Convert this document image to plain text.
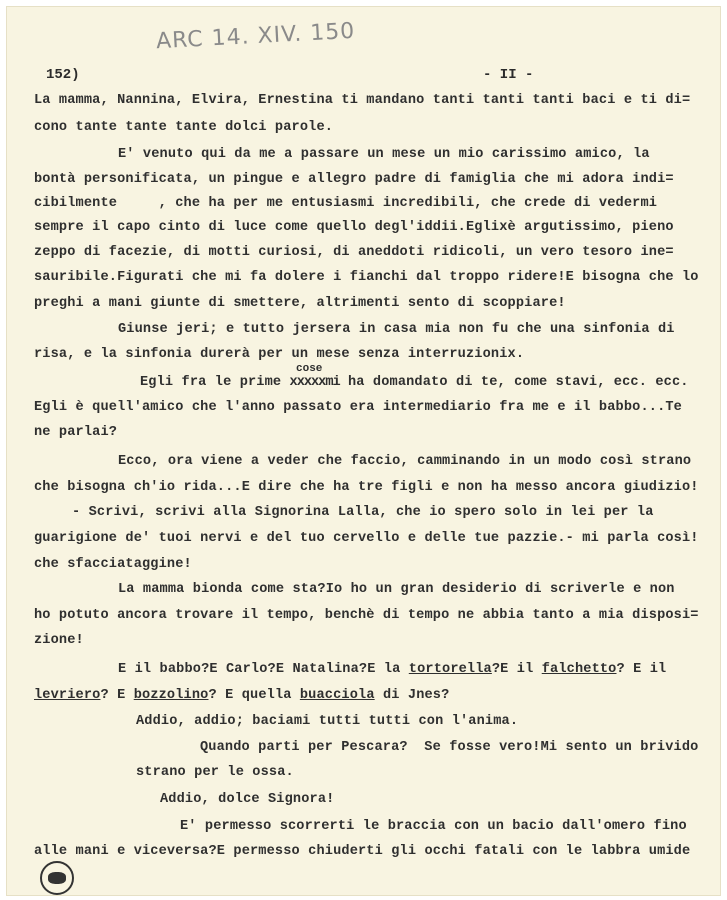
ARC 14. XIV. 150
152)	- II -
La mamma, Nannina, Elvira, Ernestina ti mandano tanti tanti tanti baci e ti di=
cono tante tante tante dolci parole.
E' venuto qui da me a passare un mese un mio carissimo amico, la
bontà personificata, un pingue e allegro padre di famiglia che mi adora indi=
cibilmente     , che ha per me entusiasmi incredibili, che crede di vedermi
sempre il capo cinto di luce come quello degl'iddii.Eglixè argutissimo, pieno
zeppo di facezie, di motti curiosi, di aneddoti ridicoli, un vero tesoro ine=
sauribile.Figurati che mi fa dolere i fianchi dal troppo ridere!E bisogna che lo
preghi a mani giunte di smettere, altrimenti sento di scoppiare!
Giunse jeri; e tutto jersera in casa mia non fu che una sinfonia di
risa, e la sinfonia durerà per un mese senza interruzionix.
cose
Egli fra le prime xxxxxmi ha domandato di te, come stavi, ecc. ecc.
Egli è quell'amico che l'anno passato era intermediario fra me e il babbo...Te
ne parlai?
Ecco, ora viene a veder che faccio, camminando in un modo così strano
che bisogna ch'io rida...E dire che ha tre figli e non ha messo ancora giudizio!
- Scrivi, scrivi alla Signorina Lalla, che io spero solo in lei per la
guarigione de' tuoi nervi e del tuo cervello e delle tue pazzie.- mi parla così!
che sfacciataggine!
La mamma bionda come sta?Io ho un gran desiderio di scriverle e non
ho potuto ancora trovare il tempo, benchè di tempo ne abbia tanto a mia disposi=
zione!
E il babbo?E Carlo?E Natalina?E la tortorella?E il falchetto? E il
levriero? E bozzolino? E quella buacciola di Jnes?
Addio, addio; baciami tutti tutti con l'anima.
Quando parti per Pescara?  Se fosse vero!Mi sento un brivido
strano per le ossa.
Addio, dolce Signora!
E' permesso scorrerti le braccia con un bacio dall'omero fino
alle mani e viceversa?E permesso chiuderti gli occhi fatali con le labbra umide
